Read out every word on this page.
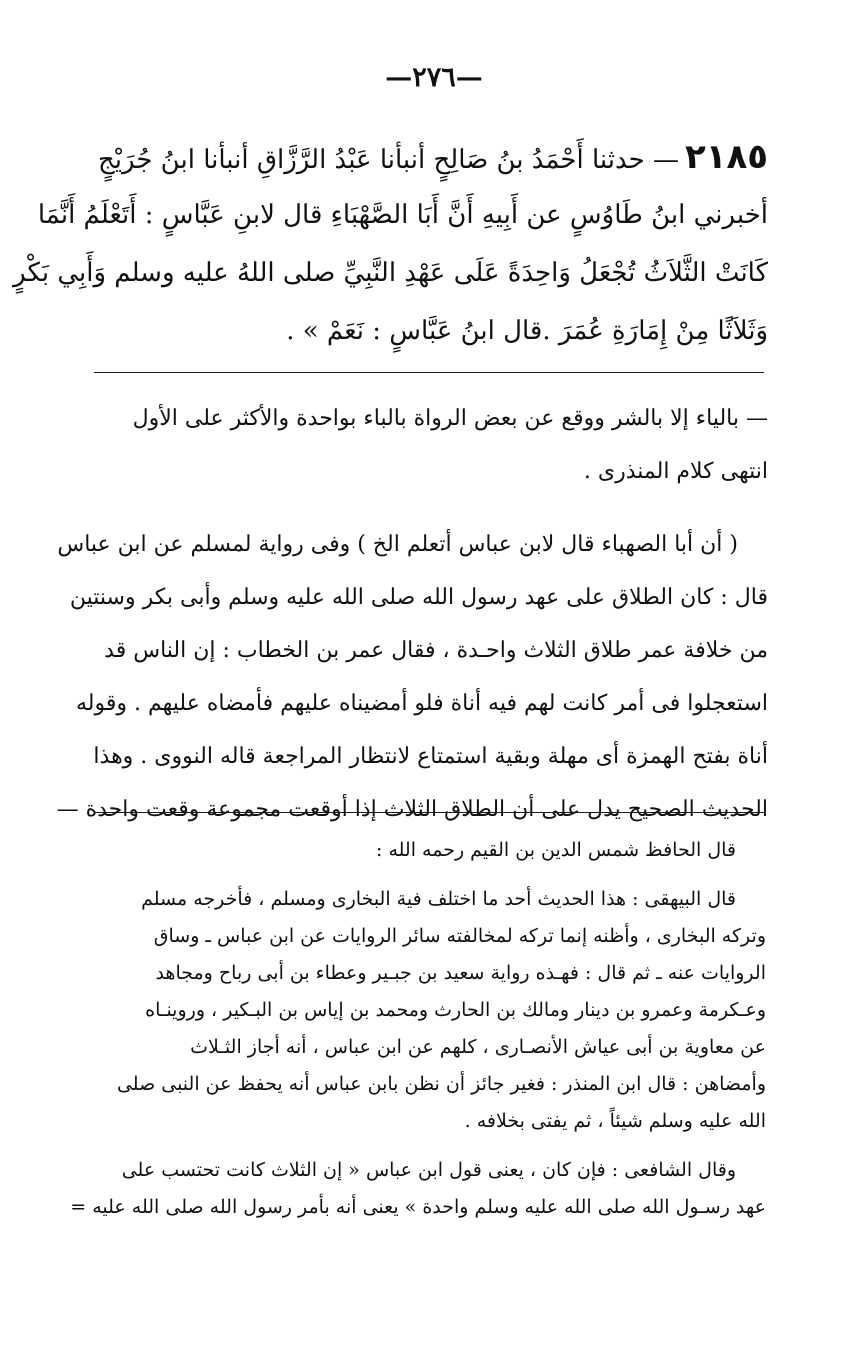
—٢٧٦—
٢١٨٥— حدثنا أَحْمَدُ بنُ صَالِحٍ أنبأنا عَبْدُ الرَّزَّاقِ أنبأنا ابنُ جُرَيْجٍ
أخبرني ابنُ طَاوُسٍ عن أَبِيهِ أَنَّ أَبَا الصَّهْبَاءِ قال لابنِ عَبَّاسٍ : أَتَعْلَمُ أَنَّمَا
كَانَتْ الثَّلاَثُ تُجْعَلُ وَاحِدَةً عَلَى عَهْدِ النَّبِيِّ صلى اللهُ عليه وسلم وَأَبِي بَكْرٍ
وَثَلاَثًا مِنْ إِمَارَةِ عُمَرَ .قال ابنُ عَبَّاسٍ : نَعَمْ » .
— بالياء إلا بالشر ووقع عن بعض الرواة بالباء بواحدة والأكثر على الأول
انتهى كلام المنذرى .
( أن أبا الصهباء قال لابن عباس أتعلم الخ ) وفى رواية لمسلم عن ابن عباس
قال : كان الطلاق على عهد رسول الله صلى الله عليه وسلم وأبى بكر وسنتين
من خلافة عمر طلاق الثلاث واحـدة ، فقال عمر بن الخطاب : إن الناس قد
استعجلوا فى أمر كانت لهم فيه أناة فلو أمضيناه عليهم فأمضاه عليهم . وقوله
أناة بفتح الهمزة أى مهلة وبقية استمتاع لانتظار المراجعة قاله النووى . وهذا
الحديث الصحيح يدل على أن الطلاق الثلاث إذا أوقعت مجموعة وقعت واحدة —
قال الحافظ شمس الدين بن القيم رحمه الله :
قال البيهقى : هذا الحديث أحد ما اختلف فية البخارى ومسلم ، فأخرجه مسلم
وتركه البخارى ، وأظنه إنما تركه لمخالفته سائر الروايات عن ابن عباس ـ وساق
الروايات عنه ـ ثم قال : فهـذه رواية سعيد بن جبـير وعطاء بن أبى رباح ومجاهد
وعـكرمة وعمرو بن دينار ومالك بن الحارث ومحمد بن إياس بن البـكير ، وروينـاه
عن معاوية بن أبى عياش الأنصـارى ، كلهم عن ابن عباس ، أنه أجاز الثـلاث
وأمضاهن : قال ابن المنذر : فغير جائز أن نظن بابن عباس أنه يحفظ عن النبى صلى
الله عليه وسلم شيئاً ، ثم يفتى بخلافه .
وقال الشافعى : فإن كان ، يعنى قول ابن عباس « إن الثلاث كانت تحتسب على
عهد رسـول الله صلى الله عليه وسلم واحدة » يعنى أنه بأمر رسول الله صلى الله عليه =
